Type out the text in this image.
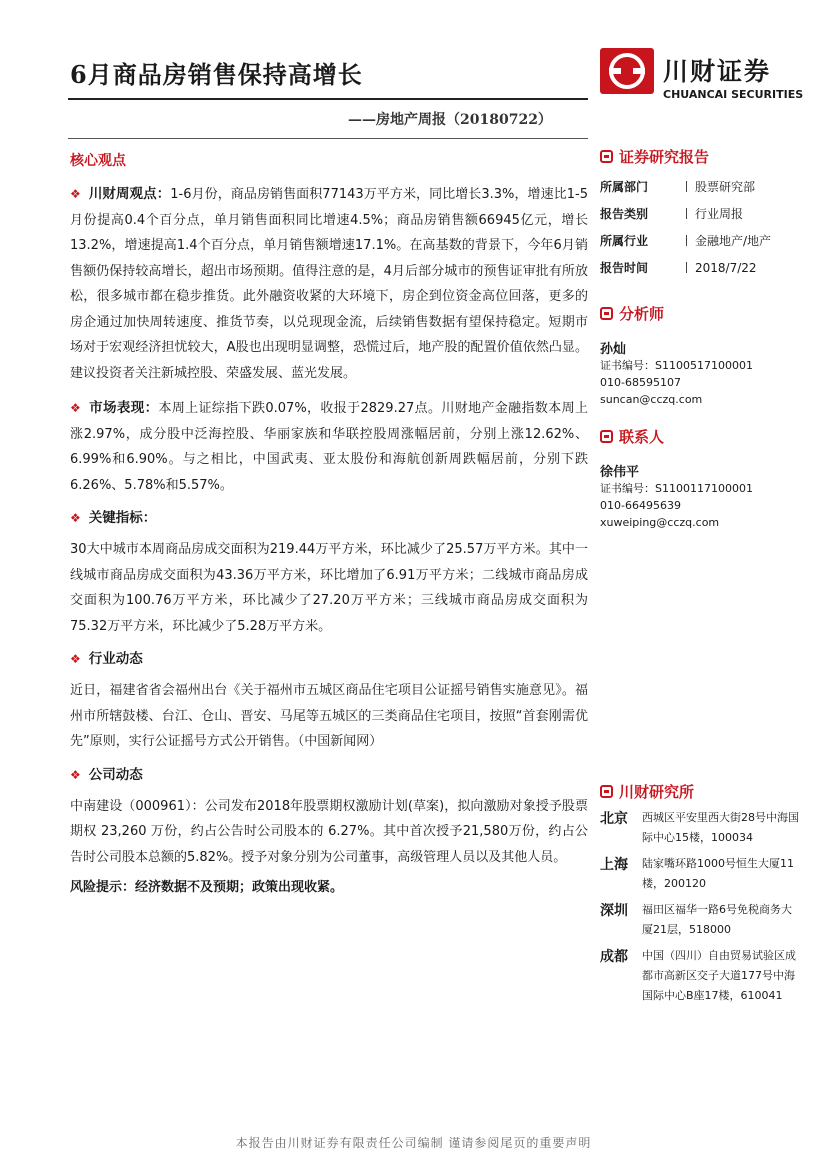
6月商品房销售保持高增长
——房地产周报（20180722）
川财证券
CHUANCAI SECURITIES
核心观点

❖ 川财周观点：1-6月份，商品房销售面积77143万平方米，同比增长3.3%，增速比1-5月份提高0.4个百分点，单月销售面积同比增速4.5%；商品房销售额66945亿元，增长13.2%，增速提高1.4个百分点，单月销售额增速17.1%。在高基数的背景下，今年6月销售额仍保持较高增长，超出市场预期。值得注意的是，4月后部分城市的预售证审批有所放松，很多城市都在稳步推货。此外融资收紧的大环境下，房企到位资金高位回落，更多的房企通过加快周转速度、推货节奏，以兑现现金流，后续销售数据有望保持稳定。短期市场对于宏观经济担忧较大，A股也出现明显调整，恐慌过后，地产股的配置价值依然凸显。建议投资者关注新城控股、荣盛发展、蓝光发展。

❖ 市场表现：本周上证综指下跌0.07%，收报于2829.27点。川财地产金融指数本周上涨2.97%，成分股中泛海控股、华丽家族和华联控股周涨幅居前，分别上涨12.62%、6.99%和6.90%。与之相比，中国武夷、亚太股份和海航创新周跌幅居前，分别下跌6.26%、5.78%和5.57%。

❖ 关键指标：

30大中城市本周商品房成交面积为219.44万平方米，环比减少了25.57万平方米。其中一线城市商品房成交面积为43.36万平方米，环比增加了6.91万平方米；二线城市商品房成交面积为100.76万平方米，环比减少了27.20万平方米；三线城市商品房成交面积为75.32万平方米，环比减少了5.28万平方米。

❖ 行业动态

近日，福建省省会福州出台《关于福州市五城区商品住宅项目公证摇号销售实施意见》。福州市所辖鼓楼、台江、仓山、晋安、马尾等五城区的三类商品住宅项目，按照“首套刚需优先”原则，实行公证摇号方式公开销售。（中国新闻网）

❖ 公司动态

中南建设（000961）：公司发布2018年股票期权激励计划(草案)，拟向激励对象授予股票期权 23,260 万份，约占公告时公司股本的 6.27%。其中首次授予21,580万份，约占公告时公司股本总额的5.82%。授予对象分别为公司董事，高级管理人员以及其他人员。

风险提示：经济数据不及预期；政策出现收紧。
证券研究报告
所属部门	股票研究部
报告类别	行业周报
所属行业	金融地产/地产
报告时间	2018/7/22
分析师
孙灿
证书编号：S1100517100001
010-68595107
suncan@cczq.com
联系人
徐伟平
证书编号：S1100117100001
010-66495639
xuweiping@cczq.com
川财研究所
北京	西城区平安里西大街28号中海国际中心15楼，100034
上海	陆家嘴环路1000号恒生大厦11楼，200120
深圳	福田区福华一路6号免税商务大厦21层，518000
成都	中国（四川）自由贸易试验区成都市高新区交子大道177号中海国际中心B座17楼，610041
本报告由川财证券有限责任公司编制 谨请参阅尾页的重要声明
